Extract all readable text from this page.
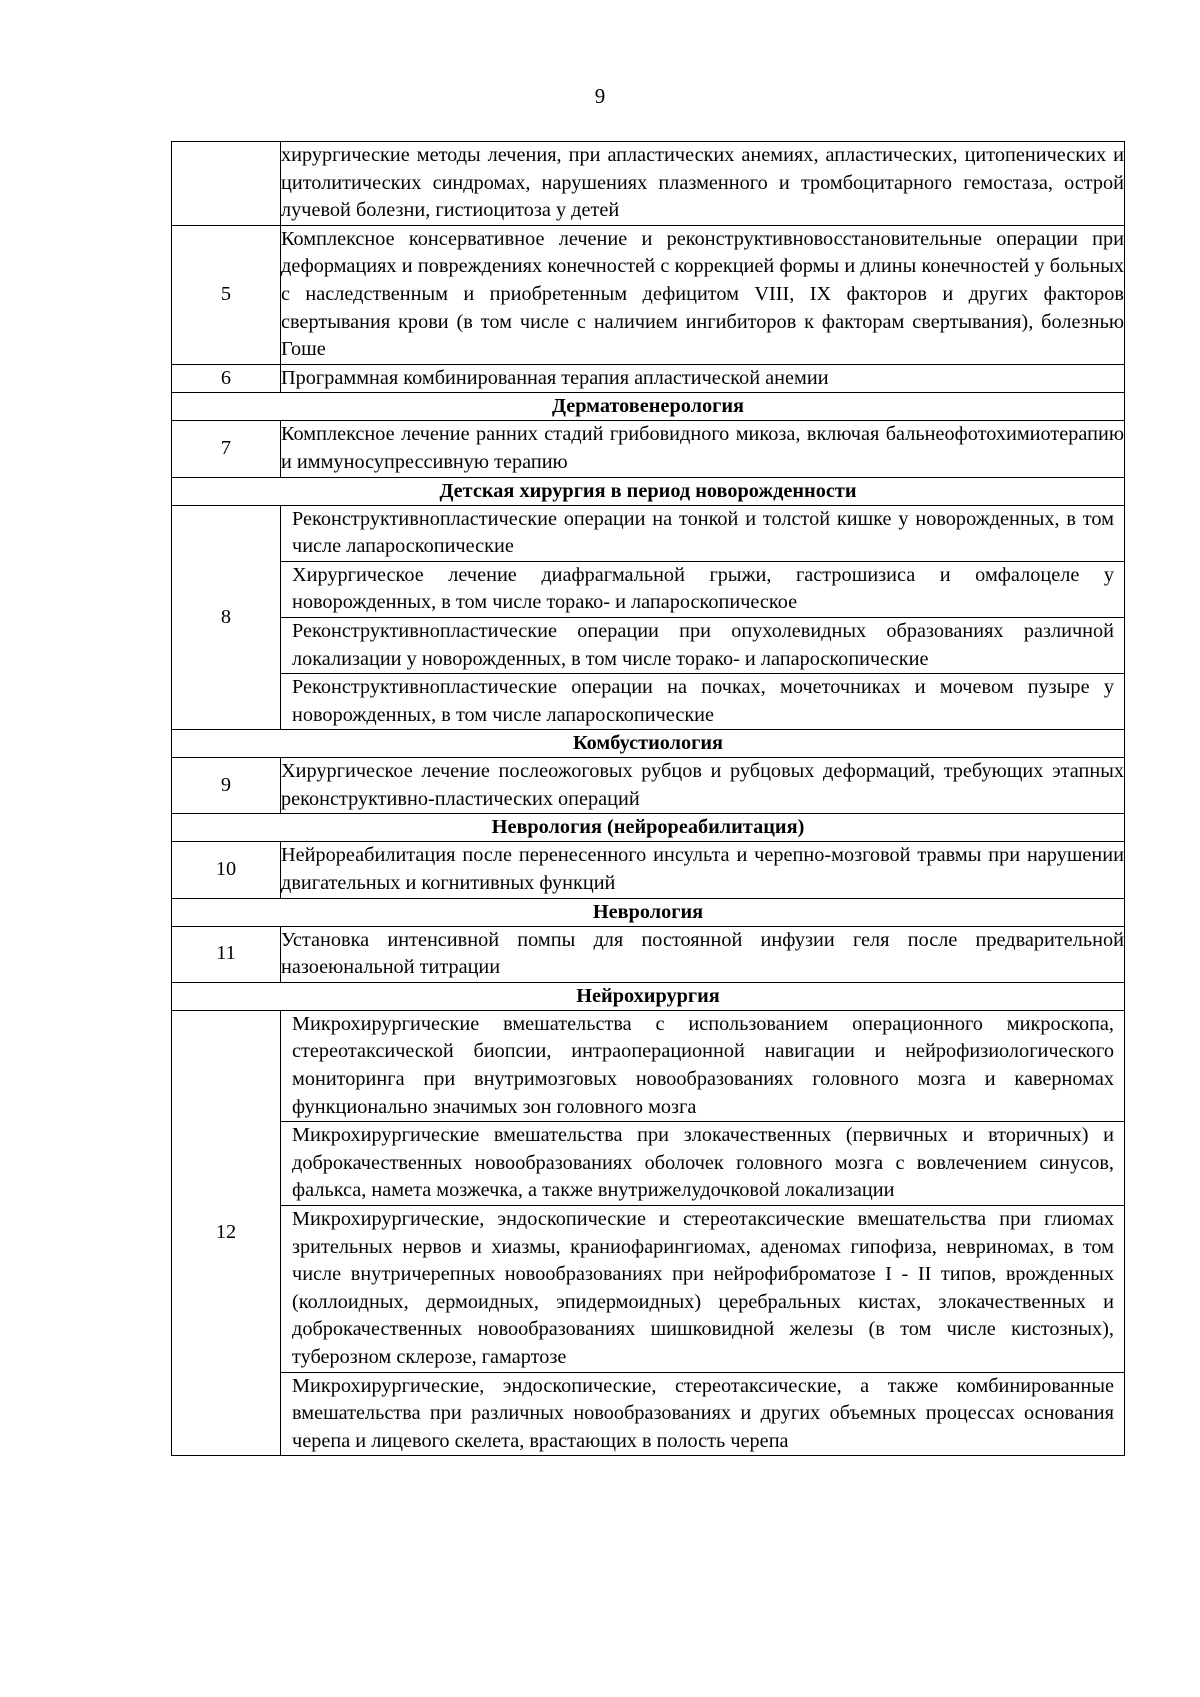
9
	хирургические методы лечения, при апластических анемиях, апластических, цитопенических и цитолитических синдромах, нарушениях плазменного и тромбоцитарного гемостаза, острой лучевой болезни, гистиоцитоза у детей
5	Комплексное консервативное лечение и реконструктивновосстановительные операции при деформациях и повреждениях конечностей с коррекцией формы и длины конечностей у больных с наследственным и приобретенным дефицитом VIII, IX факторов и других факторов свертывания крови (в том числе с наличием ингибиторов к факторам свертывания), болезнью Гоше
6	Программная комбинированная терапия апластической анемии
Дерматовенерология	
7	Комплексное лечение ранних стадий грибовидного микоза, включая бальнеофотохимиотерапию и иммуносупрессивную терапию
Детская хирургия в период новорожденности	
8	Реконструктивнопластические операции на тонкой и толстой кишке у новорожденных, в том числе лапароскопические
Хирургическое лечение диафрагмальной грыжи, гастрошизиса и омфалоцеле у новорожденных, в том числе торако- и лапароскопическое
Реконструктивнопластические операции при опухолевидных образованиях различной локализации у новорожденных, в том числе торако- и лапароскопические
Реконструктивнопластические операции на почках, мочеточниках и мочевом пузыре у новорожденных, в том числе лапароскопические

Комбустиология	
9	Хирургическое лечение послеожоговых рубцов и рубцовых деформаций, требующих этапных реконструктивно-пластических операций
Неврология (нейрореабилитация)	
10	Нейрореабилитация после перенесенного инсульта и черепно-мозговой травмы при нарушении двигательных и когнитивных функций
Неврология	
11	Установка интенсивной помпы для постоянной инфузии геля после предварительной назоеюнальной титрации
Нейрохирургия	
12	Микрохирургические вмешательства с использованием операционного микроскопа, стереотаксической биопсии, интраоперационной навигации и нейрофизиологического мониторинга при внутримозговых новообразованиях головного мозга и каверномах функционально значимых зон головного мозга
Микрохирургические вмешательства при злокачественных (первичных и вторичных) и доброкачественных новообразованиях оболочек головного мозга с вовлечением синусов, фалькса, намета мозжечка, а также внутрижелудочковой локализации
Микрохирургические, эндоскопические и стереотаксические вмешательства при глиомах зрительных нервов и хиазмы, краниофарингиомах, аденомах гипофиза, невриномах, в том числе внутричерепных новообразованиях при нейрофиброматозе I - II типов, врожденных (коллоидных, дермоидных, эпидермоидных) церебральных кистах, злокачественных и доброкачественных новообразованиях шишковидной железы (в том числе кистозных), туберозном склерозе, гамартозе
Микрохирургические, эндоскопические, стереотаксические, а также комбинированные вмешательства при различных новообразованиях и других объемных процессах основания черепа и лицевого скелета, врастающих в полость черепа
